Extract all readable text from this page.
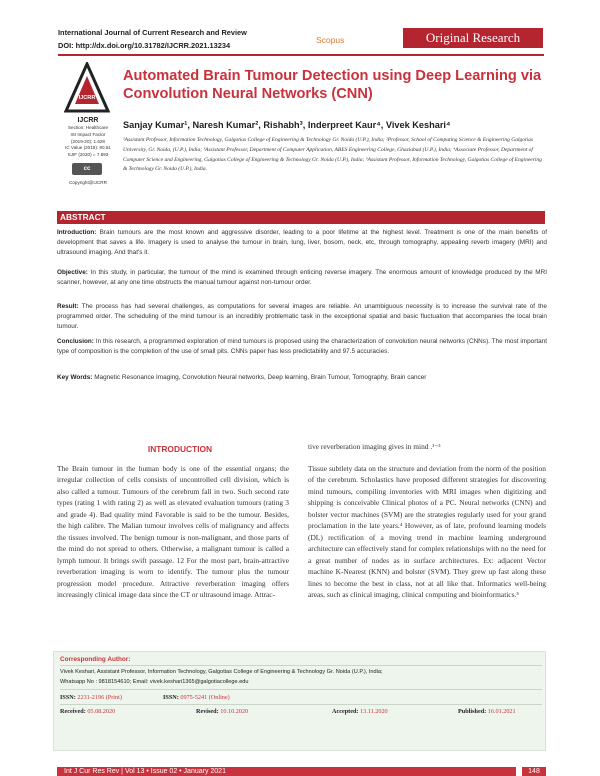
International Journal of Current Research and Review
DOI: http://dx.doi.org/10.31782/IJCRR.2021.13234
Scopus	Original Research
IJCRR
IJCRR
Section: Healthcare
ISI Impact Factor
(2019-20): 1.628
IC Value (2019): 90.81
SJIF (2020) = 7.893
cc
Copyright@IJCRR
Automated Brain Tumour Detection using Deep Learning via Convolution Neural Networks (CNN)
Sanjay Kumar¹, Naresh Kumar², Rishabh³, Inderpreet Kaur⁴, Vivek Keshari⁴
¹Assistant Professor, Information Technology, Galgotias College of Engineering & Technology Gr. Noida (U.P.), India; ²Professor, School of Computing Science & Engineering Galgotias University, Gr. Noida, (U.P.), India; ³Assistant Professor, Department of Computer Application, ABES Engineering College, Ghaziabad (U.P.), India; ⁴Associate Professor, Department of Computer Science and Engineering, Galgotias College of Engineering & Technology Gr. Noida (U.P.), India; ⁵Assistant Professor, Information Technology, Galgotias College of Engineering & Technology Gr. Noida (U.P.), India.
ABSTRACT
Introduction: Brain tumours are the most known and aggressive disorder, leading to a poor lifetime at the highest level. Treatment is one of the main benefits of development that saves a life. Imagery is used to analyse the tumour in brain, lung, liver, bosom, neck, etc, through tomography, appealing reverb imagery (MRI) and ultrasound imaging. And that's it.
Objective: In this study, in particular, the tumour of the mind is examined through enticing reverse imagery. The enormous amount of knowledge produced by the MRI scanner, however, at any one time obstructs the manual tumour against non-tumour order.
Result: The process has had several challenges, as computations for several images are reliable. An unambiguous necessity is to increase the survival rate of the programmed order. The scheduling of the mind tumour is an incredibly problematic task in the exceptional spatial and basic fluctuation that accompanies the local brain tumour.
Conclusion: In this research, a programmed exploration of mind tumours is proposed using the characterization of convolution neural networks (CNNs). The most important type of composition is the completion of the use of small pits. CNNs paper has less predictability and 97.5 accuracies.
Key Words: Magnetic Resonance Imaging, Convolution Neural networks, Deep learning, Brain Tumour, Tomography, Brain cancer
INTRODUCTION
The Brain tumour in the human body is one of the essential organs; the irregular collection of cells consists of uncontrolled cell division, which is also called a tumour. Tumours of the cerebrum fall in two. Such second rate types (rating 1 with rating 2) as well as elevated evaluation tumours (rating 3 and grade 4). Bad quality mind Favorable is said to be the tumour. Besides, the high calibre. The Malian tumour involves cells of malignancy and affects the tissues involved. The benign tumour is non-malignant, and those parts of the mind do not spread to others. Otherwise, a malignant tumour is called a lymph tumour. It brings swift passage. 12 For the most part, brain-attractive reverberation imaging is worn to identify. The tumour plus the tumour progression model procedure. Attractive reverberation imaging offers increasingly clinical image data since the CT or ultrasound image. Attrac-
tive reverberation imaging gives in mind .¹⁻³
Tissue subtlety data on the structure and deviation from the norm of the position of the cerebrum. Scholastics have proposed different strategies for discovering mind tumours, compiling inventories with MRI images when digitizing and shipping is conceivable Clinical photos of a PC. Neural networks (CNN) and bolster vector machines (SVM) are the strategies regularly used for your grand proclamation in the late years.⁴ However, as of late, profound learning models (DL) rectification of a moving trend in machine learning underground architecture can effectively stand for complex relationships with no the need for a great number of nodes as in surface architectures. Ex: adjacent Vector machine K-Nearest (KNN) and bolster (SVM). They grew up fast along these lines to become the best in class, not at all like that. Informatics well-being areas, such as clinical imaging, clinical computing and bioinformatics.⁵
Corresponding Author:
Vivek Keshari, Assistant Professor, Information Technology, Galgotias College of Engineering & Technology Gr. Noida (U.P.), India;
Whatsapp No : 9818154610; Email: vivek.keshari1365@galgotiacollege.edu
ISSN: 2231-2196 (Print)	ISSN: 0975-5241 (Online)
Received: 05.08.2020	Revised: 10.10.2020	Accepted: 13.11.2020	Published: 16.01.2021
Int J Cur Res Rev | Vol 13 • Issue 02 • January 2021	148
